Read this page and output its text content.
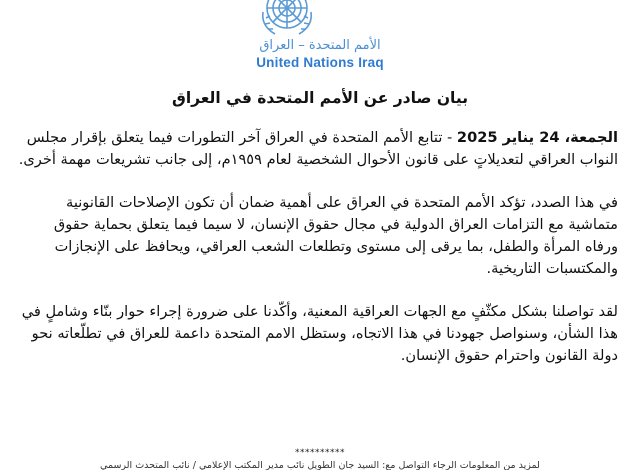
الأمم المتحدة – العراق
United Nations Iraq
بيان صادر عن الأمم المتحدة في العراق

الجمعة، 24 يناير 2025 - تتابع الأمم المتحدة في العراق آخر التطورات فيما يتعلق بإقرار مجلس النواب العراقي لتعديلاتٍ على قانون الأحوال الشخصية لعام ١٩٥٩م، إلى جانب تشريعات مهمة أخرى.

في هذا الصدد، تؤكد الأمم المتحدة في العراق على أهمية ضمان أن تكون الإصلاحات القانونية متماشية مع التزامات العراق الدولية في مجال حقوق الإنسان، لا سيما فيما يتعلق بحماية حقوق ورفاه المرأة والطفل، بما يرقى إلى مستوى وتطلعات الشعب العراقي، ويحافظ على الإنجازات والمكتسبات التاريخية.

لقد تواصلنا بشكل مكثّفٍ مع الجهات العراقية المعنية، وأكّدنا على ضرورة إجراء حوار بنّاء وشاملٍ في هذا الشأن، وسنواصل جهودنا في هذا الاتجاه، وستظل الامم المتحدة داعمة للعراق في تطلّعاته نحو دولة القانون واحترام حقوق الإنسان.

**********
لمزيد من المعلومات الرجاء التواصل مع: السيد جان الطويل نائب مدير المكتب الإعلامي / نائب المتحدث الرسمي
